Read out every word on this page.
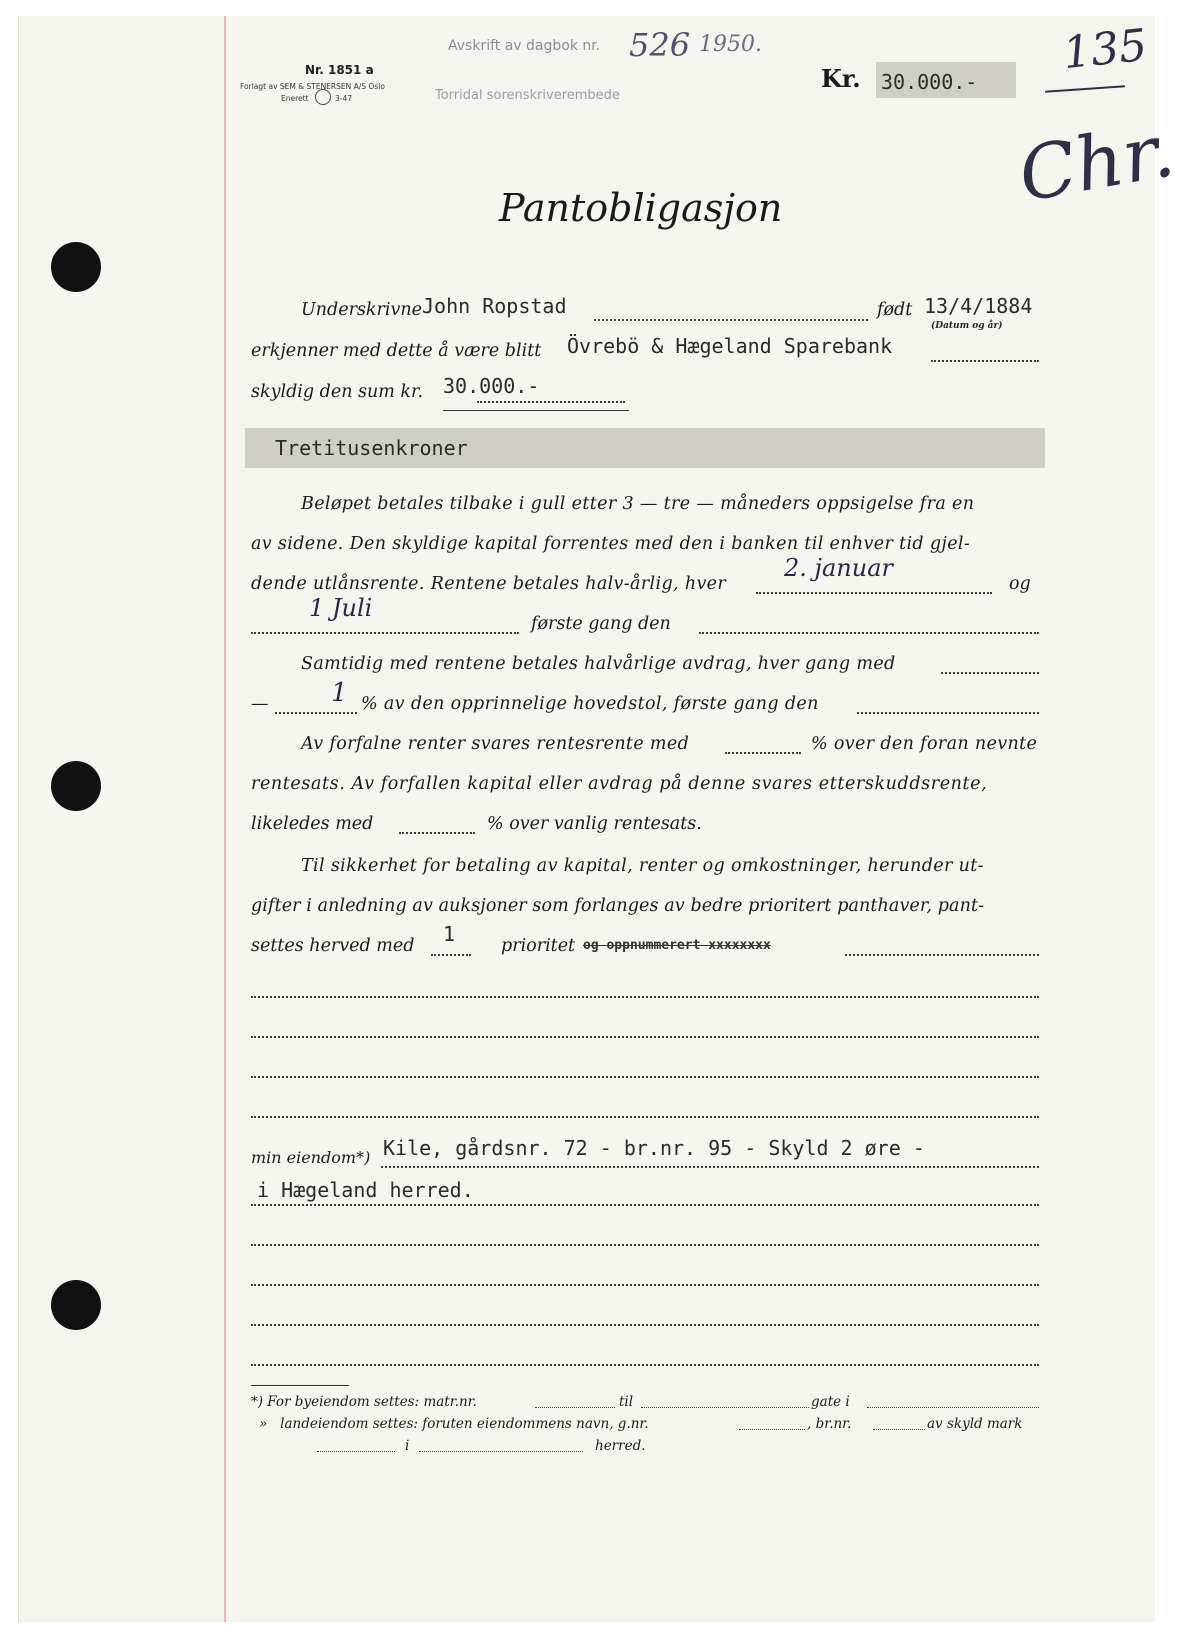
Nr. 1851 a
Forlagt av SEM & STENERSEN A/S Oslo
Enerett	3-47
Avskrift av dagbok nr. 526 1950.
Torridal sorenskriverembede
Kr. 30.000.-
135
Chr.
Pantobligasjon
Underskrivne John Ropstad	født 13/4/1884
(Datum og år)
erkjenner med dette å være blitt Övrebö & Hægeland Sparebank
skyldig den sum kr. 30.000.-
Tretitusenkroner
Beløpet betales tilbake i gull etter 3 — tre — måneders oppsigelse fra en
av sidene. Den skyldige kapital forrentes med den i banken til enhver tid gjel-
dende utlånsrente. Rentene betales halv-årlig, hver
2. januar
og
1 Juli
første gang den
Samtidig med rentene betales halvårlige avdrag, hver gang med
— 1 % av den opprinnelige hovedstol, første gang den
Av forfalne renter svares rentesrente med	% over den foran nevnte
rentesats. Av forfallen kapital eller avdrag på denne svares etterskuddsrente,
likeledes med	% over vanlig rentesats.
Til sikkerhet for betaling av kapital, renter og omkostninger, herunder ut-
gifter i anledning av auksjoner som forlanges av bedre prioritert panthaver, pant-
settes herved med 1	prioritet og oppnummerert xxxxxxxx
min eiendom*) Kile, gårdsnr. 72 - br.nr. 95 - Skyld 2 øre -
i Hægeland herred.
*) For byeiendom settes: matr.nr.	til	gate i
»   landeiendom settes: foruten eiendommens navn, g.nr.	, br.nr.	av skyld mark
i	herred.
